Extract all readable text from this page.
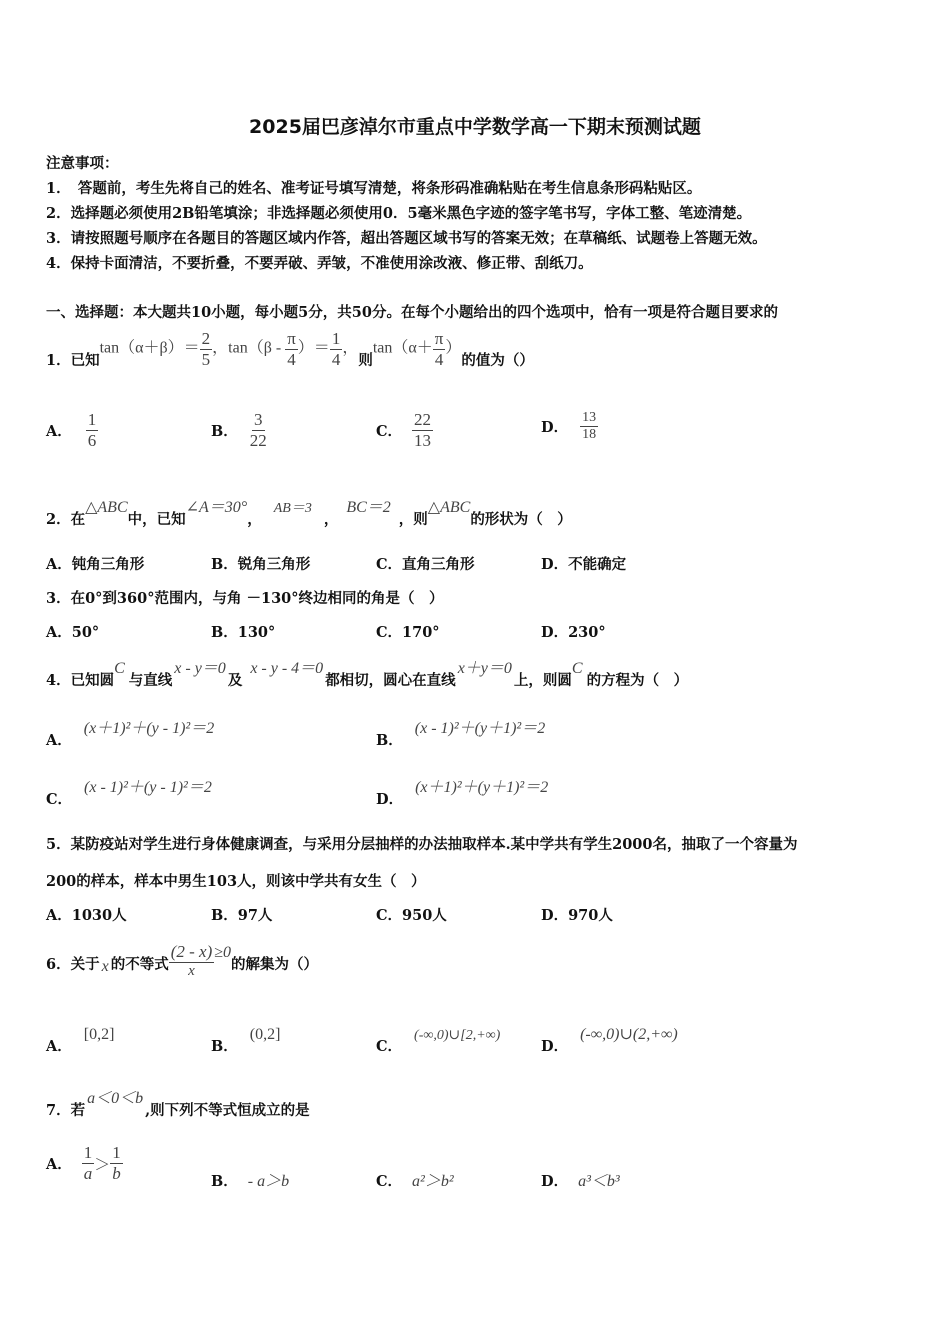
2025届巴彦淖尔市重点中学数学高一下期末预测试题
注意事项：
1．　答题前，考生先将自己的姓名、准考证号填写清楚，将条形码准确粘贴在考生信息条形码粘贴区。
2．选择题必须使用2B铅笔填涂；非选择题必须使用0．5毫米黑色字迹的签字笔书写，字体工整、笔迹清楚。
3．请按照题号顺序在各题目的答题区域内作答，超出答题区域书写的答案无效；在草稿纸、试题卷上答题无效。
4．保持卡面清洁，不要折叠，不要弄破、弄皱，不准使用涂改液、修正带、刮纸刀。
一、选择题：本大题共10小题，每小题5分，共50分。在每个小题给出的四个选项中，恰有一项是符合题目要求的
1．已知
$\tan(\alpha+\beta)= \frac{2}{5}$ ，$\tan(\beta - \frac{\pi}{4}$ ）＝ $\frac{1}{4}$ ，
则
$\tan(\alpha+ \frac{\pi}{4}$ ）
的值为（）
A． $\frac{1}{6}$	B． $\frac{3}{22}$	C． $\frac{22}{13}$	D． $\frac{13}{18}$
2．在△ABC中，已知∠A＝30°，AB＝3，BC＝2，则△ABC的形状为（　）
A．钝角三角形	B．锐角三角形	C．直角三角形	D．不能确定
3．在0°到360°范围内，与角 －130°终边相同的角是（　）
A．50°	B．130°	C．170°	D．230°
4．已知圆C与直线x - y＝0及x - y - 4＝0都相切，圆心在直线x＋y＝0上，则圆C的方程为（　）
A．(x＋1)²＋(y - 1)²＝2
B．(x - 1)²＋(y＋1)²＝2
C．(x - 1)²＋(y - 1)²＝2
D．(x＋1)²＋(y＋1)²＝2
5．某防疫站对学生进行身体健康调查，与采用分层抽样的办法抽取样本.某中学共有学生2000名，抽取了一个容量为
200的样本，样本中男生103人，则该中学共有女生（　）
A．1030人	B．97人	C．950人	D．970人
6．关于 x 的不等式 $\frac{(2 - x)}{x} \ge 0$
的解集为（）
A．[0,2]
B．(0,2]
C．(-∞,0)∪[2,+∞)
D．(-∞,0)∪(2,+∞)
7．若a＜0＜b,则下列不等式恒成立的是
A． $\frac{1}{a} > \frac{1}{b}$	B． - a＞b	C． a²＞b²	D． a³＜b³
